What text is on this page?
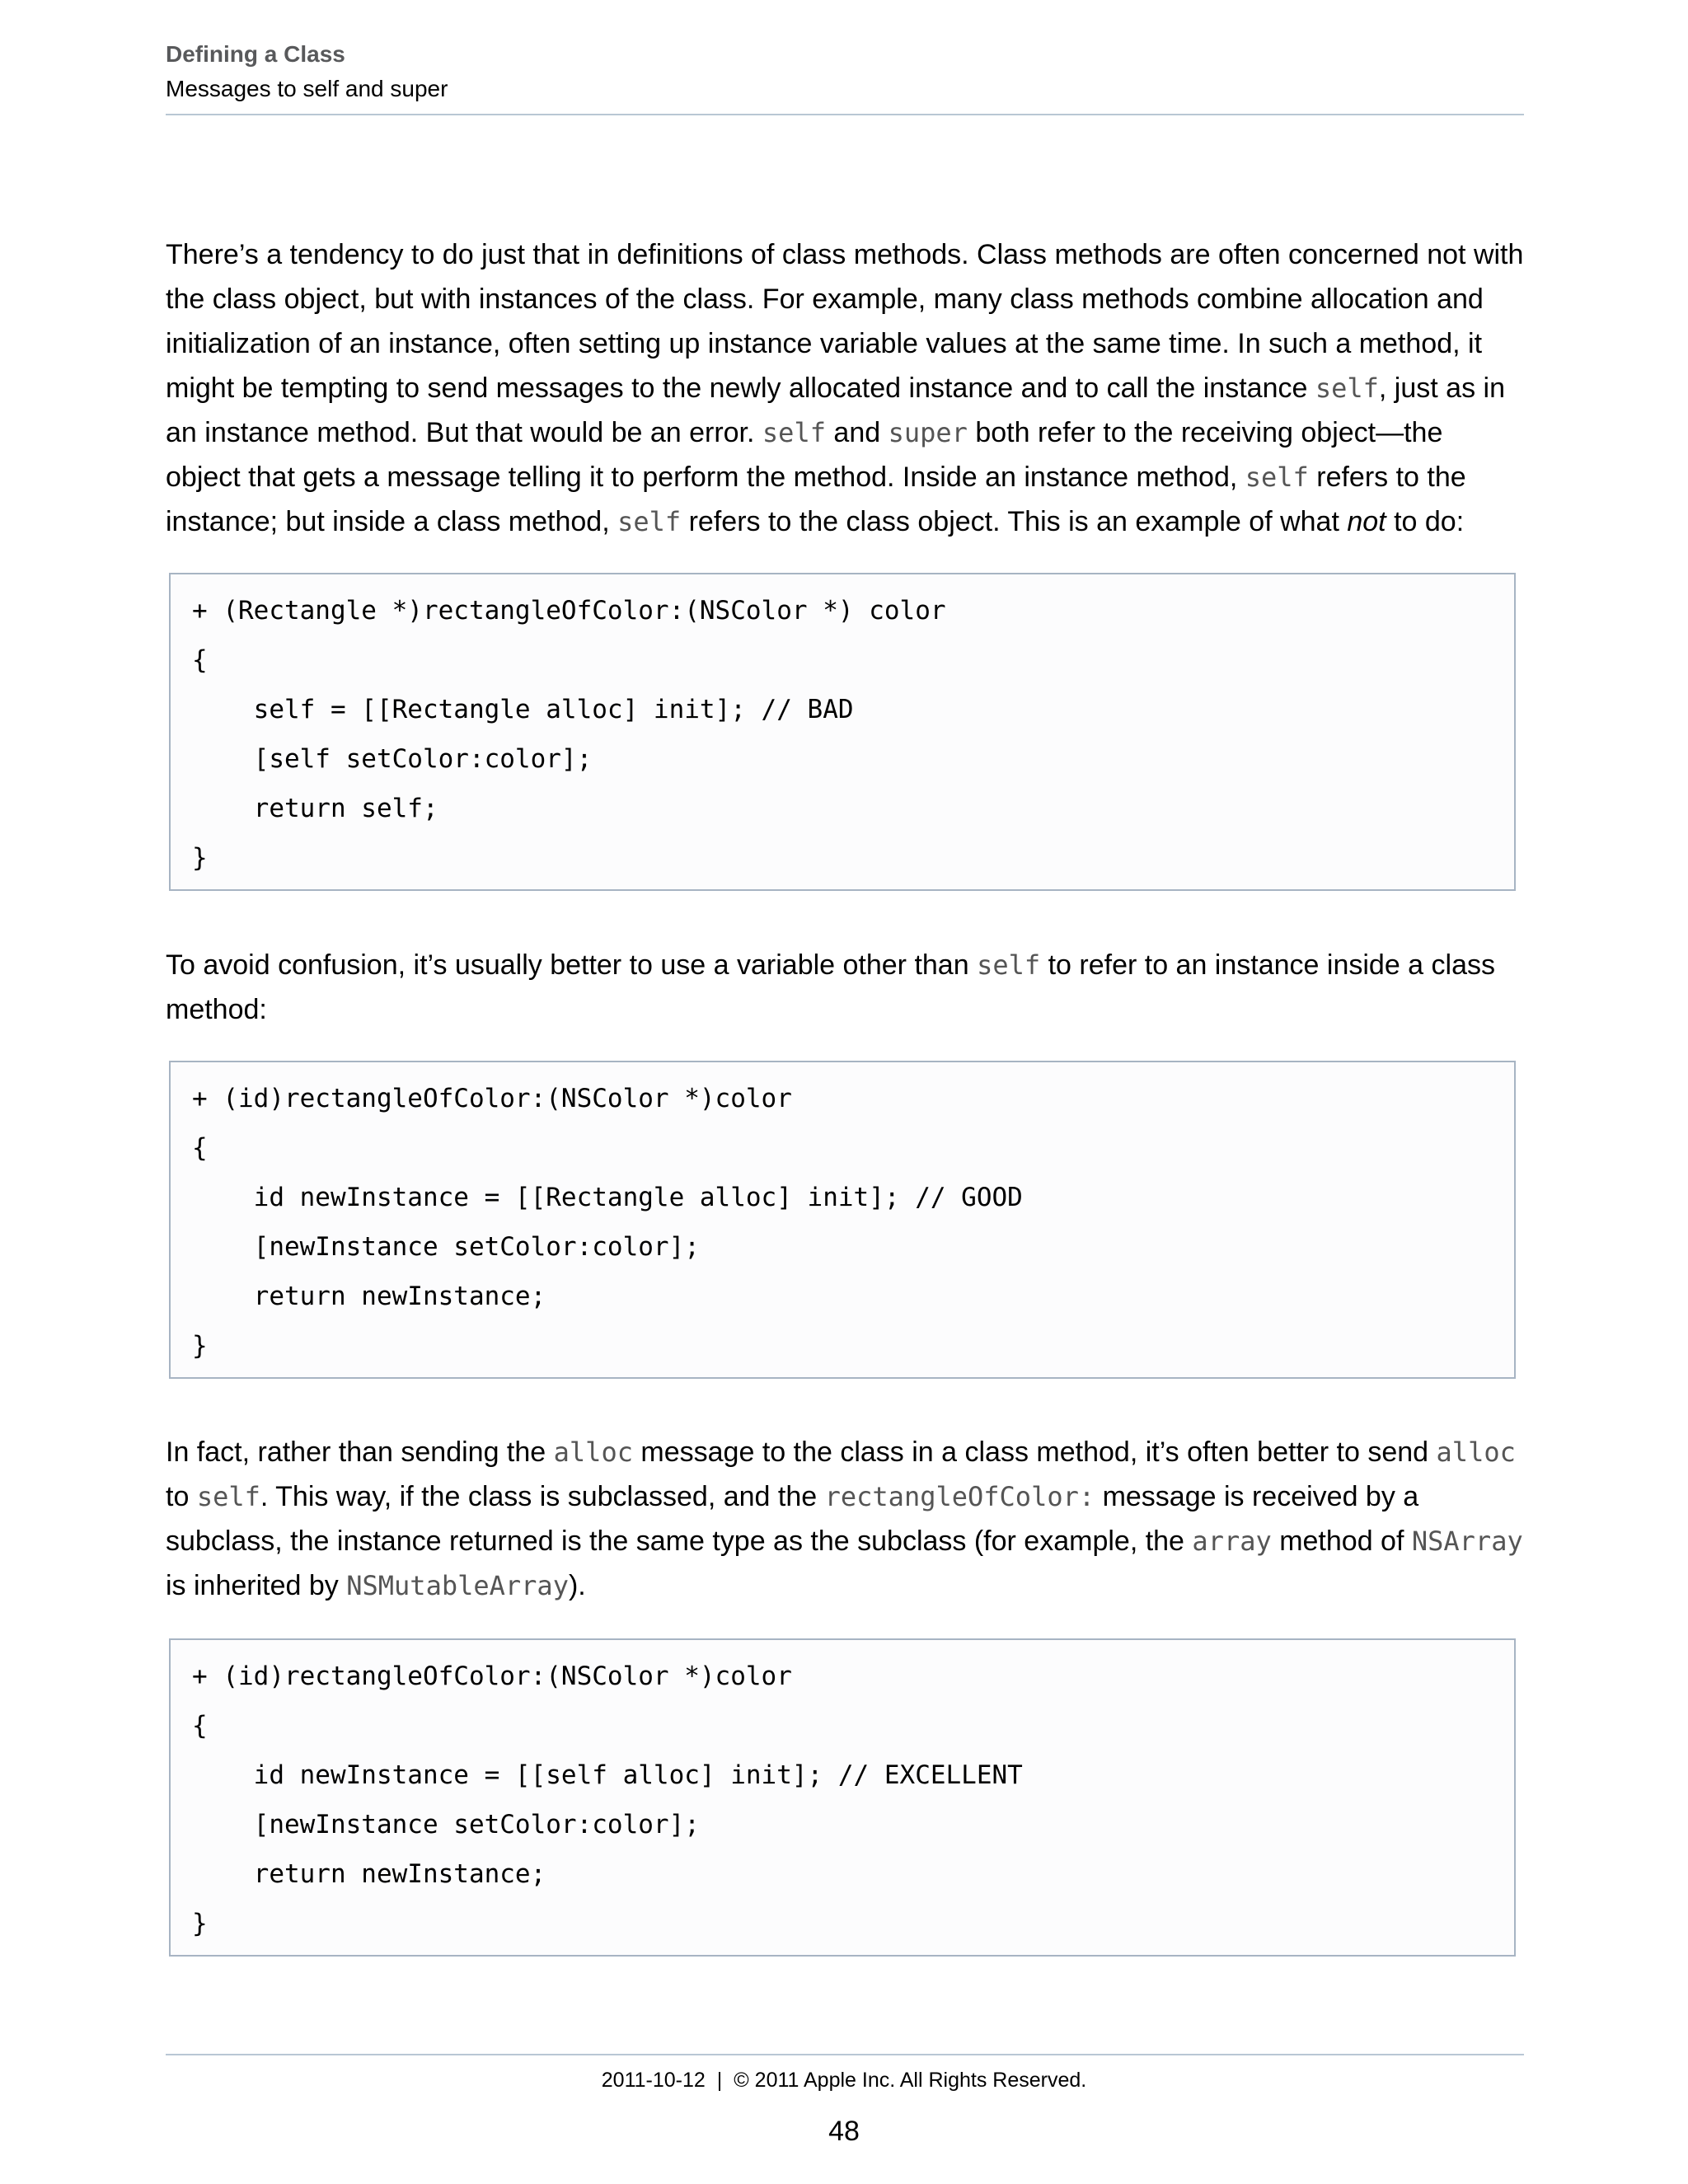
Defining a Class
Messages to self and super

There’s a tendency to do just that in definitions of class methods. Class methods are often concerned not with the class object, but with instances of the class. For example, many class methods combine allocation and initialization of an instance, often setting up instance variable values at the same time. In such a method, it might be tempting to send messages to the newly allocated instance and to call the instance self, just as in an instance method. But that would be an error. self and super both refer to the receiving object—the object that gets a message telling it to perform the method. Inside an instance method, self refers to the instance; but inside a class method, self refers to the class object. This is an example of what not to do:

+ (Rectangle *)rectangleOfColor:(NSColor *) color
{
self = [[Rectangle alloc] init]; // BAD
[self setColor:color];
return self;
}

To avoid confusion, it’s usually better to use a variable other than self to refer to an instance inside a class method:

+ (id)rectangleOfColor:(NSColor *)color
{
id newInstance = [[Rectangle alloc] init]; // GOOD
[newInstance setColor:color];
return newInstance;
}

In fact, rather than sending the alloc message to the class in a class method, it’s often better to send alloc to self. This way, if the class is subclassed, and the rectangleOfColor: message is received by a subclass, the instance returned is the same type as the subclass (for example, the array method of NSArray is inherited by NSMutableArray).

+ (id)rectangleOfColor:(NSColor *)color
{
id newInstance = [[self alloc] init]; // EXCELLENT
[newInstance setColor:color];
return newInstance;
}
2011-10-12 | © 2011 Apple Inc. All Rights Reserved.
48
